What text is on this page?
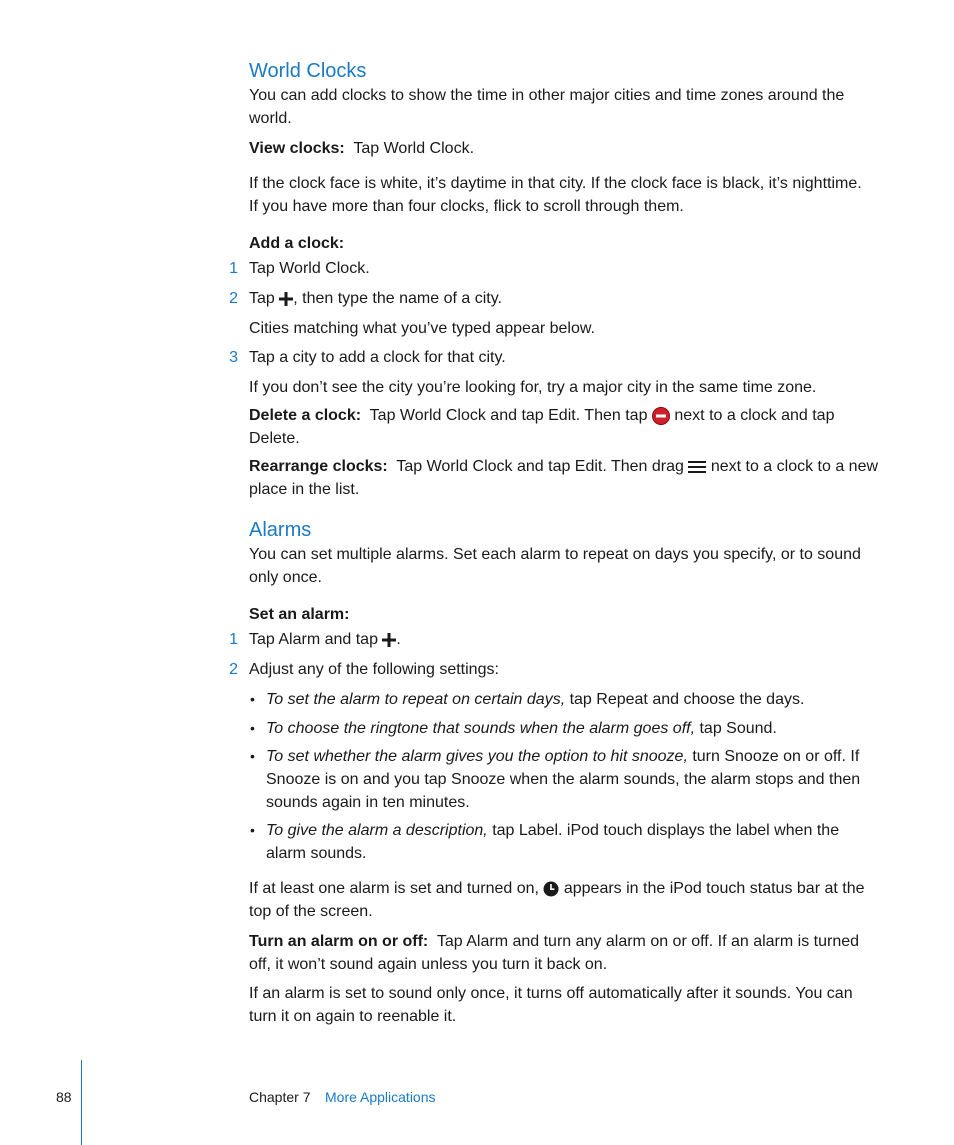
World Clocks
You can add clocks to show the time in other major cities and time zones around the world.
View clocks: Tap World Clock.
If the clock face is white, it’s daytime in that city. If the clock face is black, it’s nighttime.
If you have more than four clocks, flick to scroll through them.
Add a clock:
1 Tap World Clock.
2 Tap , then type the name of a city.
Cities matching what you’ve typed appear below.
3 Tap a city to add a clock for that city.
If you don’t see the city you’re looking for, try a major city in the same time zone.
Delete a clock: Tap World Clock and tap Edit. Then tap next to a clock and tap
Delete.
Rearrange clocks: Tap World Clock and tap Edit. Then drag next to a clock to a new
place in the list.
Alarms
You can set multiple alarms. Set each alarm to repeat on days you specify, or to sound
only once.
Set an alarm:
1 Tap Alarm and tap .
2 Adjust any of the following settings:
• To set the alarm to repeat on certain days, tap Repeat and choose the days.
• To choose the ringtone that sounds when the alarm goes off, tap Sound.
• To set whether the alarm gives you the option to hit snooze, turn Snooze on or off. If
Snooze is on and you tap Snooze when the alarm sounds, the alarm stops and then
sounds again in ten minutes.
• To give the alarm a description, tap Label. iPod touch displays the label when the
alarm sounds.
If at least one alarm is set and turned on, appears in the iPod touch status bar at the
top of the screen.
Turn an alarm on or off: Tap Alarm and turn any alarm on or off. If an alarm is turned
off, it won’t sound again unless you turn it back on.
If an alarm is set to sound only once, it turns off automatically after it sounds. You can
turn it on again to reenable it.
88	Chapter 7 More Applications
